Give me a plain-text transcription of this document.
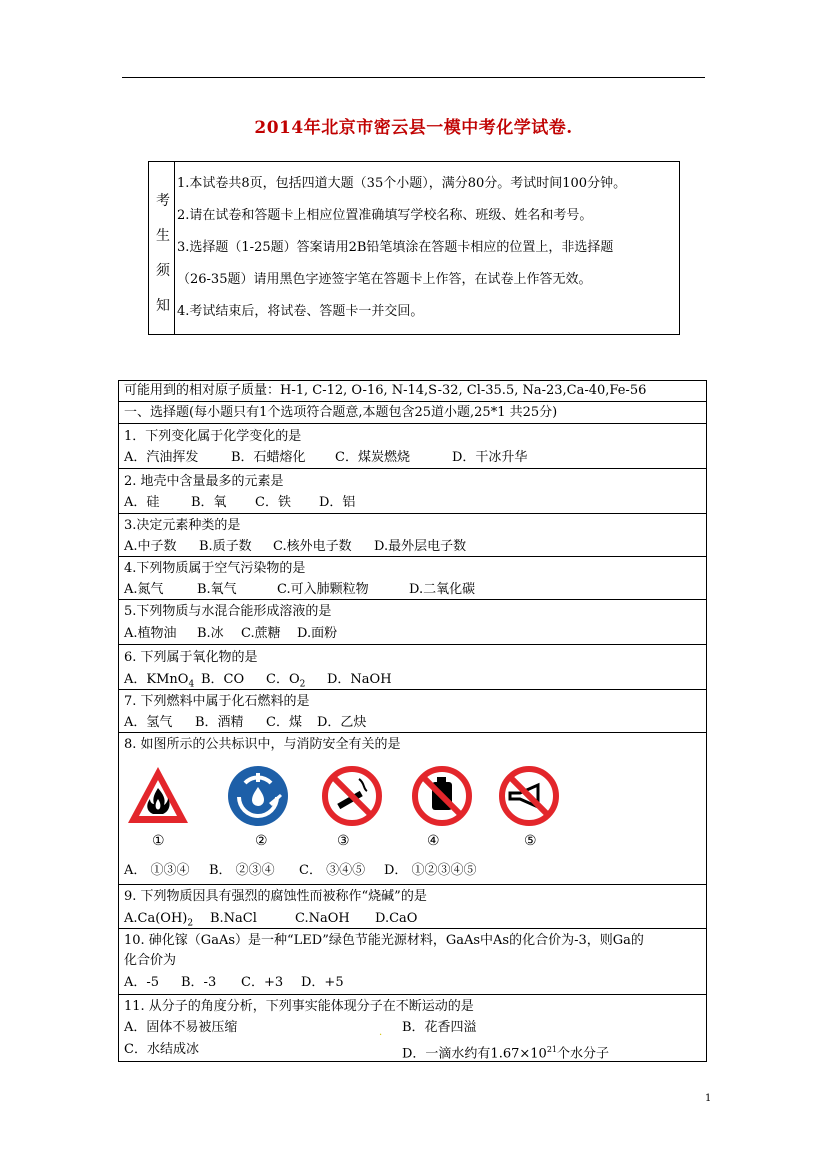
2014年北京市密云县一模中考化学试卷.
考
生
须
知
1.本试卷共8页，包括四道大题（35个小题），满分80分。考试时间100分钟。
2.请在试卷和答题卡上相应位置准确填写学校名称、班级、姓名和考号。
3.选择题（1-25题）答案请用2B铅笔填涂在答题卡相应的位置上，非选择题
（26-35题）请用黑色字迹签字笔在答题卡上作答，在试卷上作答无效。
4.考试结束后，将试卷、答题卡一并交回。
可能用到的相对原子质量：H-1, C-12, O-16, N-14,S-32, Cl-35.5, Na-23,Ca-40,Fe-56
一、选择题(每小题只有1个选项符合题意,本题包含25道小题,25*1 共25分)
1．下列变化属于化学变化的是
A．汽油挥发	B．石蜡熔化 C．煤炭燃烧	D．干冰升华
2. 地壳中含量最多的元素是
A．硅 B．氧 C．铁 D．铝
3.决定元素种类的是
A.中子数 B.质子数 C.核外电子数 D.最外层电子数
4.下列物质属于空气污染物的是
A.氮气	B.氧气	C.可入肺颗粒物	D.二氧化碳
5.下列物质与水混合能形成溶液的是
A.植物油 B.冰 C.蔗糖 D.面粉
6. 下列属于氧化物的是
A．KMnO$_4$ B．CO C．$O_2$ D．NaOH
7. 下列燃料中属于化石燃料的是
A．氢气 B．酒精 C．煤 D．乙炔
8. 如图所示的公共标识中，与消防安全有关的是
①	②	③	④	⑤
A． ①③④ B． ②③④ C． ③④⑤ D． ①②③④⑤
9. 下列物质因具有强烈的腐蚀性而被称作“烧碱”的是
$A.Ca(OH)_2$ B.NaCl	C.NaOH D.CaO
10. 砷化镓（GaAs）是一种“LED”绿色节能光源材料，GaAs中As的化合价为-3，则Ga的
化合价为
A．-5 B．-3 C．+3 D．+5
11. 从分子的角度分析，下列事实能体现分子在不断运动的是
A．固体不易被压缩	B．花香四溢
C．水结成冰	D．一滴水约有$1.67\times 10^{21}$个水分子
.
1
